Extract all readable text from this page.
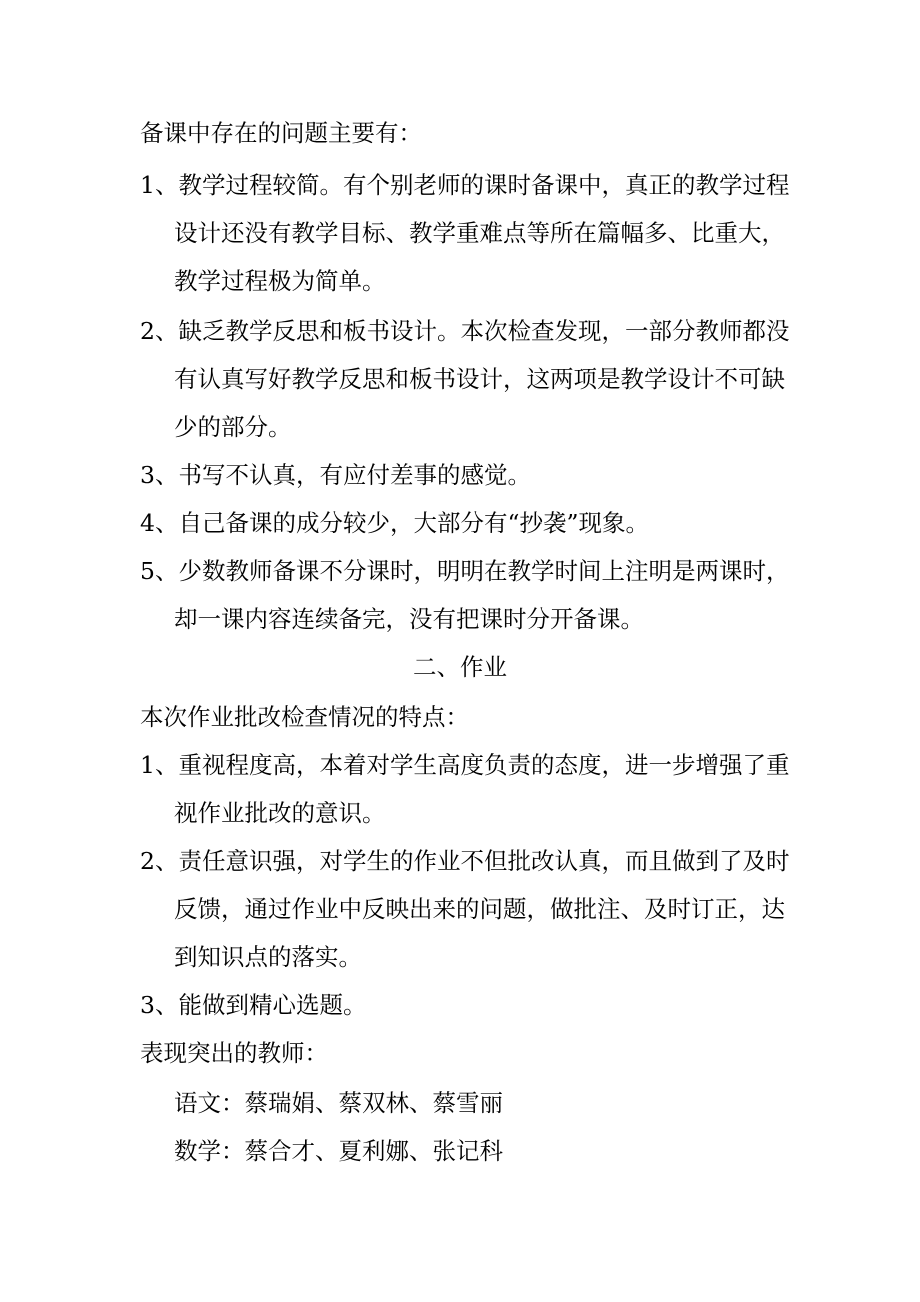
备课中存在的问题主要有：
1、教学过程较简。有个别老师的课时备课中，真正的教学过程
设计还没有教学目标、教学重难点等所在篇幅多、比重大，
教学过程极为简单。
2、缺乏教学反思和板书设计。本次检查发现，一部分教师都没
有认真写好教学反思和板书设计，这两项是教学设计不可缺
少的部分。
3、书写不认真，有应付差事的感觉。
4、自己备课的成分较少，大部分有“抄袭”现象。
5、少数教师备课不分课时，明明在教学时间上注明是两课时，
却一课内容连续备完，没有把课时分开备课。
二、作业
本次作业批改检查情况的特点：
1、重视程度高，本着对学生高度负责的态度，进一步增强了重
视作业批改的意识。
2、责任意识强，对学生的作业不但批改认真，而且做到了及时
反馈，通过作业中反映出来的问题，做批注、及时订正，达
到知识点的落实。
3、能做到精心选题。
表现突出的教师：
语文：蔡瑞娟、蔡双林、蔡雪丽
数学：蔡合才、夏利娜、张记科
